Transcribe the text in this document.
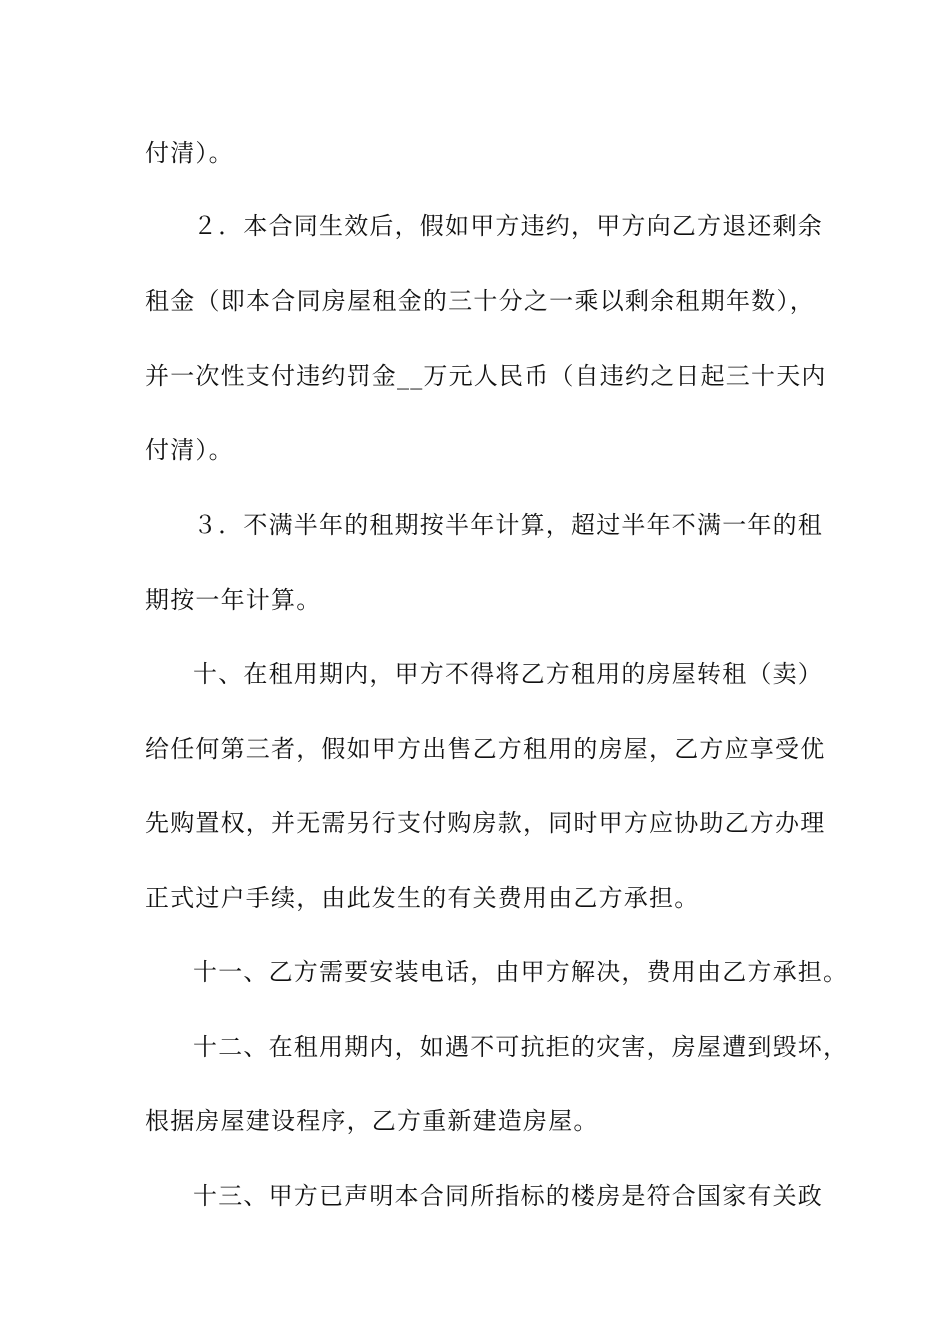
付清）。
２．本合同生效后，假如甲方违约，甲方向乙方退还剩余
租金（即本合同房屋租金的三十分之一乘以剩余租期年数），
并一次性支付违约罚金__万元人民币（自违约之日起三十天内
付清）。
３．不满半年的租期按半年计算，超过半年不满一年的租
期按一年计算。
十、在租用期内，甲方不得将乙方租用的房屋转租（卖）
给任何第三者，假如甲方出售乙方租用的房屋，乙方应享受优
先购置权，并无需另行支付购房款，同时甲方应协助乙方办理
正式过户手续，由此发生的有关费用由乙方承担。
十一、乙方需要安装电话，由甲方解决，费用由乙方承担。
十二、在租用期内，如遇不可抗拒的灾害，房屋遭到毁坏，
根据房屋建设程序，乙方重新建造房屋。
十三、甲方已声明本合同所指标的楼房是符合国家有关政
